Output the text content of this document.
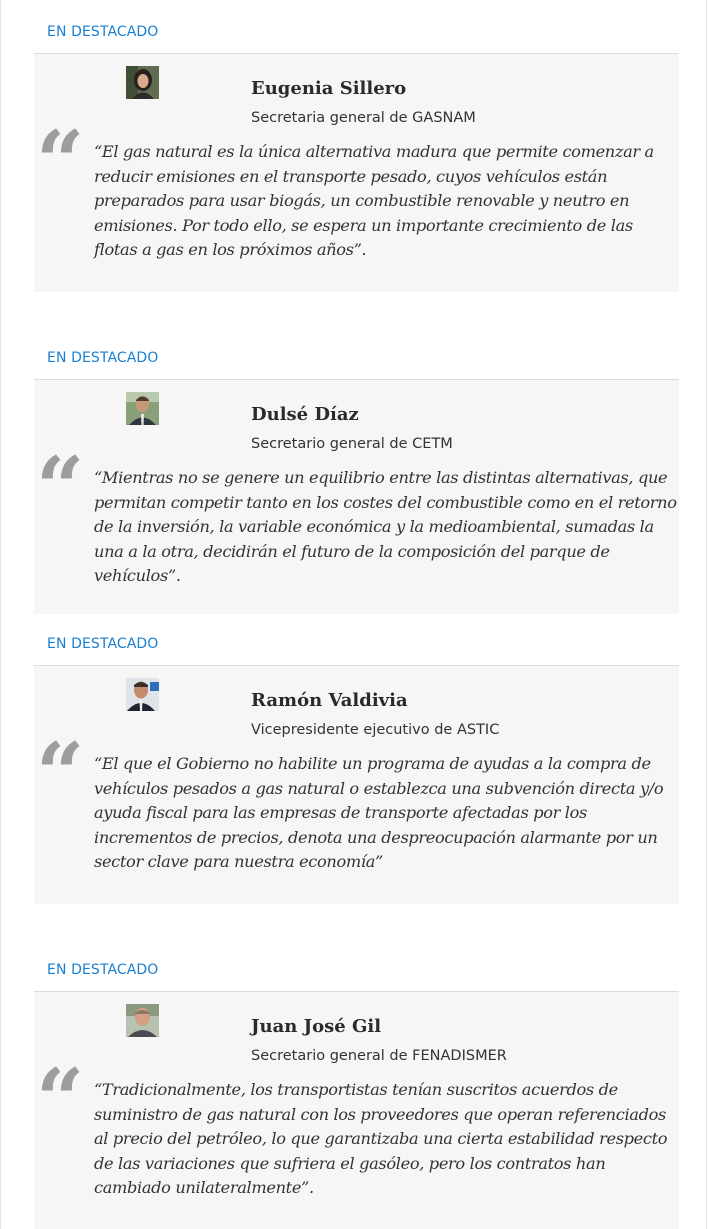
EN DESTACADO
Eugenia Sillero
Secretaria general de GASNAM
“ “El gas natural es la única alternativa madura que permite comenzar a reducir emisiones en el transporte pesado, cuyos vehículos están preparados para usar biogás, un combustible renovable y neutro en emisiones. Por todo ello, se espera un importante crecimiento de las flotas a gas en los próximos años”.

EN DESTACADO
Dulsé Díaz
Secretario general de CETM
“ “Mientras no se genere un equilibrio entre las distintas alternativas, que permitan competir tanto en los costes del combustible como en el retorno de la inversión, la variable económica y la medioambiental, sumadas la una a la otra, decidirán el futuro de la composición del parque de vehículos”.

EN DESTACADO
Ramón Valdivia
Vicepresidente ejecutivo de ASTIC
“ “El que el Gobierno no habilite un programa de ayudas a la compra de vehículos pesados a gas natural o establezca una subvención directa y/o ayuda fiscal para las empresas de transporte afectadas por los incrementos de precios, denota una despreocupación alarmante por un sector clave para nuestra economía”

EN DESTACADO
Juan José Gil
Secretario general de FENADISMER
“ “Tradicionalmente, los transportistas tenían suscritos acuerdos de suministro de gas natural con los proveedores que operan referenciados al precio del petróleo, lo que garantizaba una cierta estabilidad respecto de las variaciones que sufriera el gasóleo, pero los contratos han cambiado unilateralmente”.
